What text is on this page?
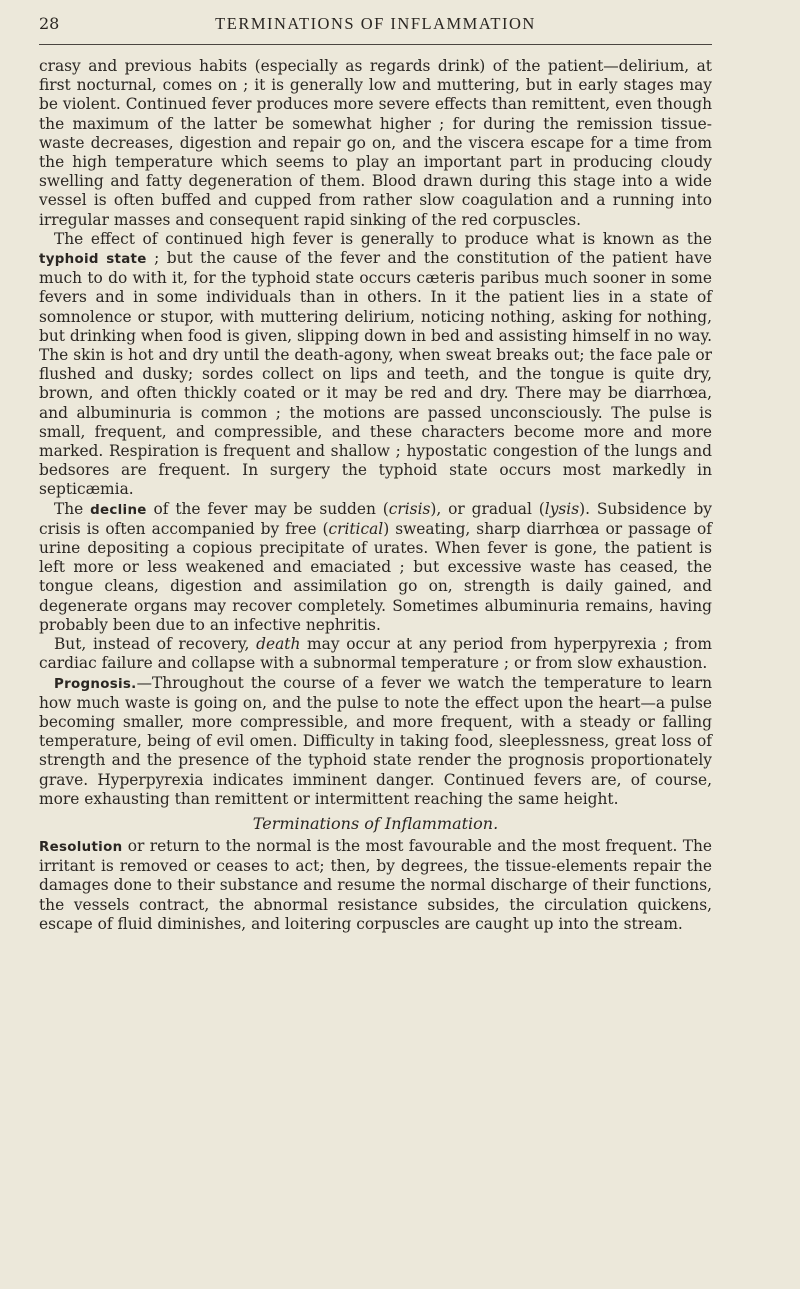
28	TERMINATIONS OF INFLAMMATION

crasy and previous habits (especially as regards drink) of the patient—delirium, at first nocturnal, comes on ; it is generally low and muttering, but in early stages may be violent. Continued fever produces more severe effects than remittent, even though the maximum of the latter be somewhat higher ; for during the remission tissue-waste decreases, digestion and repair go on, and the viscera escape for a time from the high temperature which seems to play an important part in producing cloudy swelling and fatty degeneration of them. Blood drawn during this stage into a wide vessel is often buffed and cupped from rather slow coagulation and a running into irregular masses and consequent rapid sinking of the red corpuscles.

The effect of continued high fever is generally to produce what is known as the typhoid state ; but the cause of the fever and the constitution of the patient have much to do with it, for the typhoid state occurs cæteris paribus much sooner in some fevers and in some individuals than in others. In it the patient lies in a state of somnolence or stupor, with muttering delirium, noticing nothing, asking for nothing, but drinking when food is given, slipping down in bed and assisting himself in no way. The skin is hot and dry until the death-agony, when sweat breaks out; the face pale or flushed and dusky; sordes collect on lips and teeth, and the tongue is quite dry, brown, and often thickly coated or it may be red and dry. There may be diarrhœa, and albuminuria is common ; the motions are passed unconsciously. The pulse is small, frequent, and compressible, and these characters become more and more marked. Respiration is frequent and shallow ; hypostatic congestion of the lungs and bedsores are frequent. In surgery the typhoid state occurs most markedly in septicæmia.

The decline of the fever may be sudden (crisis), or gradual (lysis). Subsidence by crisis is often accompanied by free (critical) sweating, sharp diarrhœa or passage of urine depositing a copious precipitate of urates. When fever is gone, the patient is left more or less weakened and emaciated ; but excessive waste has ceased, the tongue cleans, digestion and assimilation go on, strength is daily gained, and degenerate organs may recover completely. Sometimes albuminuria remains, having probably been due to an infective nephritis.

But, instead of recovery, death may occur at any period from hyperpyrexia ; from cardiac failure and collapse with a subnormal temperature ; or from slow exhaustion.

Prognosis.—Throughout the course of a fever we watch the temperature to learn how much waste is going on, and the pulse to note the effect upon the heart—a pulse becoming smaller, more compressible, and more frequent, with a steady or falling temperature, being of evil omen. Difficulty in taking food, sleeplessness, great loss of strength and the presence of the typhoid state render the prognosis proportionately grave. Hyperpyrexia indicates imminent danger. Continued fevers are, of course, more exhausting than remittent or intermittent reaching the same height.

Terminations of Inflammation.

Resolution or return to the normal is the most favourable and the most frequent. The irritant is removed or ceases to act; then, by degrees, the tissue-elements repair the damages done to their substance and resume the normal discharge of their functions, the vessels contract, the abnormal resistance subsides, the circulation quickens, escape of fluid diminishes, and loitering corpuscles are caught up into the stream.
